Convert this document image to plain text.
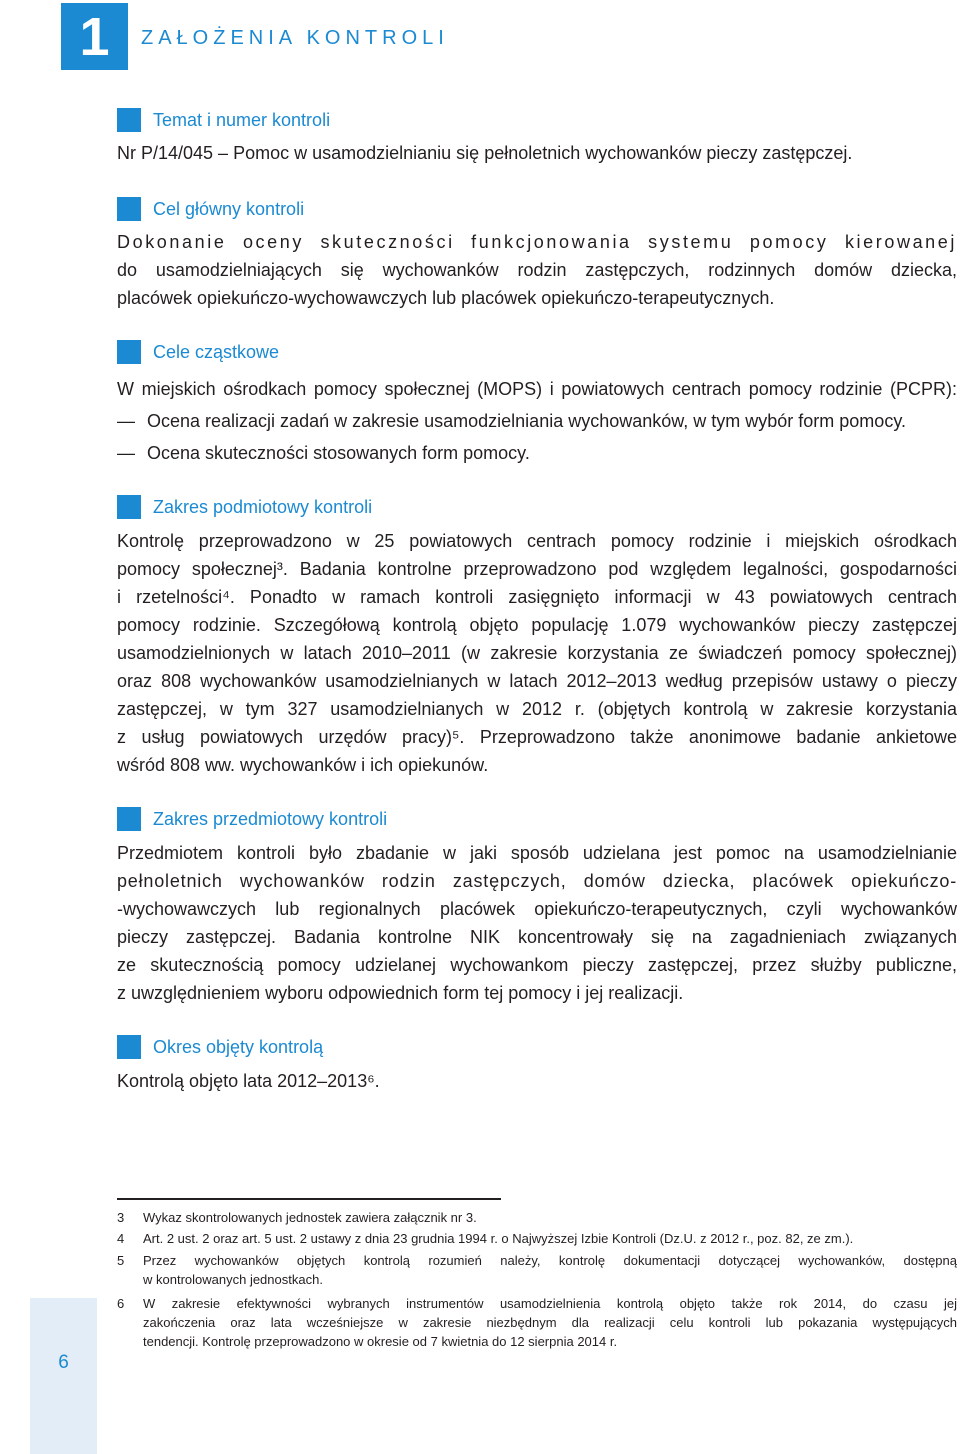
1 ZAŁOŻENIA KONTROLI
Temat i numer kontroli
Nr P/14/045 – Pomoc w usamodzielnianiu się pełnoletnich wychowanków pieczy zastępczej.
Cel główny kontroli
Dokonanie oceny skuteczności funkcjonowania systemu pomocy kierowanej
do usamodzielniających się wychowanków rodzin zastępczych, rodzinnych domów dziecka,
placówek opiekuńczo-wychowawczych lub placówek opiekuńczo-terapeutycznych.
Cele cząstkowe
W miejskich ośrodkach pomocy społecznej (MOPS) i powiatowych centrach pomocy rodzinie (PCPR):
— Ocena realizacji zadań w zakresie usamodzielniania wychowanków, w tym wybór form pomocy.
— Ocena skuteczności stosowanych form pomocy.
Zakres podmiotowy kontroli
Kontrolę przeprowadzono w 25 powiatowych centrach pomocy rodzinie i miejskich ośrodkach
pomocy społecznej³. Badania kontrolne przeprowadzono pod względem legalności, gospodarności
i rzetelności⁴. Ponadto w ramach kontroli zasięgnięto informacji w 43 powiatowych centrach
pomocy rodzinie. Szczegółową kontrolą objęto populację 1.079 wychowanków pieczy zastępczej
usamodzielnionych w latach 2010–2011 (w zakresie korzystania ze świadczeń pomocy społecznej)
oraz 808 wychowanków usamodzielnianych w latach 2012–2013 według przepisów ustawy o pieczy
zastępczej, w tym 327 usamodzielnianych w 2012 r. (objętych kontrolą w zakresie korzystania
z usług powiatowych urzędów pracy)⁵. Przeprowadzono także anonimowe badanie ankietowe
wśród 808 ww. wychowanków i ich opiekunów.
Zakres przedmiotowy kontroli
Przedmiotem kontroli było zbadanie w jaki sposób udzielana jest pomoc na usamodzielnianie
pełnoletnich wychowanków rodzin zastępczych, domów dziecka, placówek opiekuńczo-
-wychowawczych lub regionalnych placówek opiekuńczo-terapeutycznych, czyli wychowanków
pieczy zastępczej. Badania kontrolne NIK koncentrowały się na zagadnieniach związanych
ze skutecznością pomocy udzielanej wychowankom pieczy zastępczej, przez służby publiczne,
z uwzględnieniem wyboru odpowiednich form tej pomocy i jej realizacji.
Okres objęty kontrolą
Kontrolą objęto lata 2012–2013⁶.
3 Wykaz skontrolowanych jednostek zawiera załącznik nr 3.
4 Art. 2 ust. 2 oraz art. 5 ust. 2 ustawy z dnia 23 grudnia 1994 r. o Najwyższej Izbie Kontroli (Dz.U. z 2012 r., poz. 82, ze zm.).
5 Przez wychowanków objętych kontrolą rozumień należy, kontrolę dokumentacji dotyczącej wychowanków, dostępną
w kontrolowanych jednostkach.
6 W zakresie efektywności wybranych instrumentów usamodzielnienia kontrolą objęto także rok 2014, do czasu jej
zakończenia oraz lata wcześniejsze w zakresie niezbędnym dla realizacji celu kontroli lub pokazania występujących
tendencji. Kontrolę przeprowadzono w okresie od 7 kwietnia do 12 sierpnia 2014 r.
6
